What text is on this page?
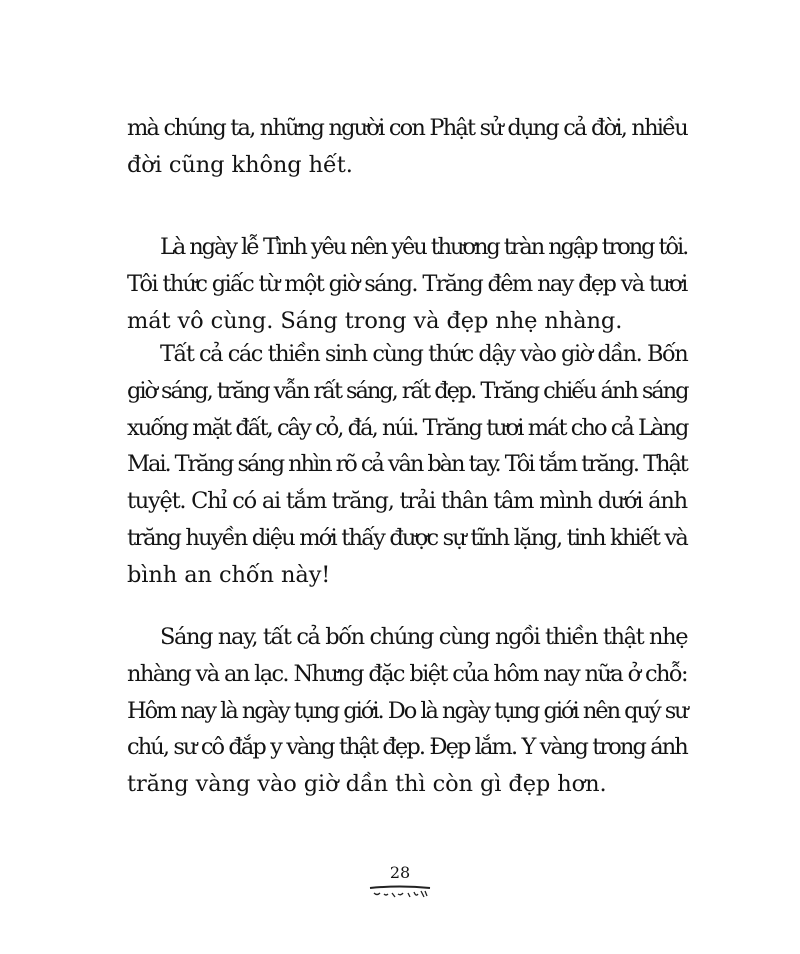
mà chúng ta, những người con Phật sử dụng cả đời, nhiều
đời cũng không hết.
Là ngày lễ Tình yêu nên yêu thương tràn ngập trong tôi.
Tôi thức giấc từ một giờ sáng. Trăng đêm nay đẹp và tươi
mát vô cùng. Sáng trong và đẹp nhẹ nhàng.
Tất cả các thiền sinh cùng thức dậy vào giờ dần. Bốn
giờ sáng, trăng vẫn rất sáng, rất đẹp. Trăng chiếu ánh sáng
xuống mặt đất, cây cỏ, đá, núi. Trăng tươi mát cho cả Làng
Mai. Trăng sáng nhìn rõ cả vân bàn tay. Tôi tắm trăng. Thật
tuyệt. Chỉ có ai tắm trăng, trải thân tâm mình dưới ánh
trăng huyền diệu mới thấy được sự tĩnh lặng, tinh khiết và
bình an chốn này!
Sáng nay, tất cả bốn chúng cùng ngồi thiền thật nhẹ
nhàng và an lạc. Nhưng đặc biệt của hôm nay nữa ở chỗ:
Hôm nay là ngày tụng giới. Do là ngày tụng giới nên quý sư
chú, sư cô đắp y vàng thật đẹp. Đẹp lắm. Y vàng trong ánh
trăng vàng vào giờ dần thì còn gì đẹp hơn.
28
